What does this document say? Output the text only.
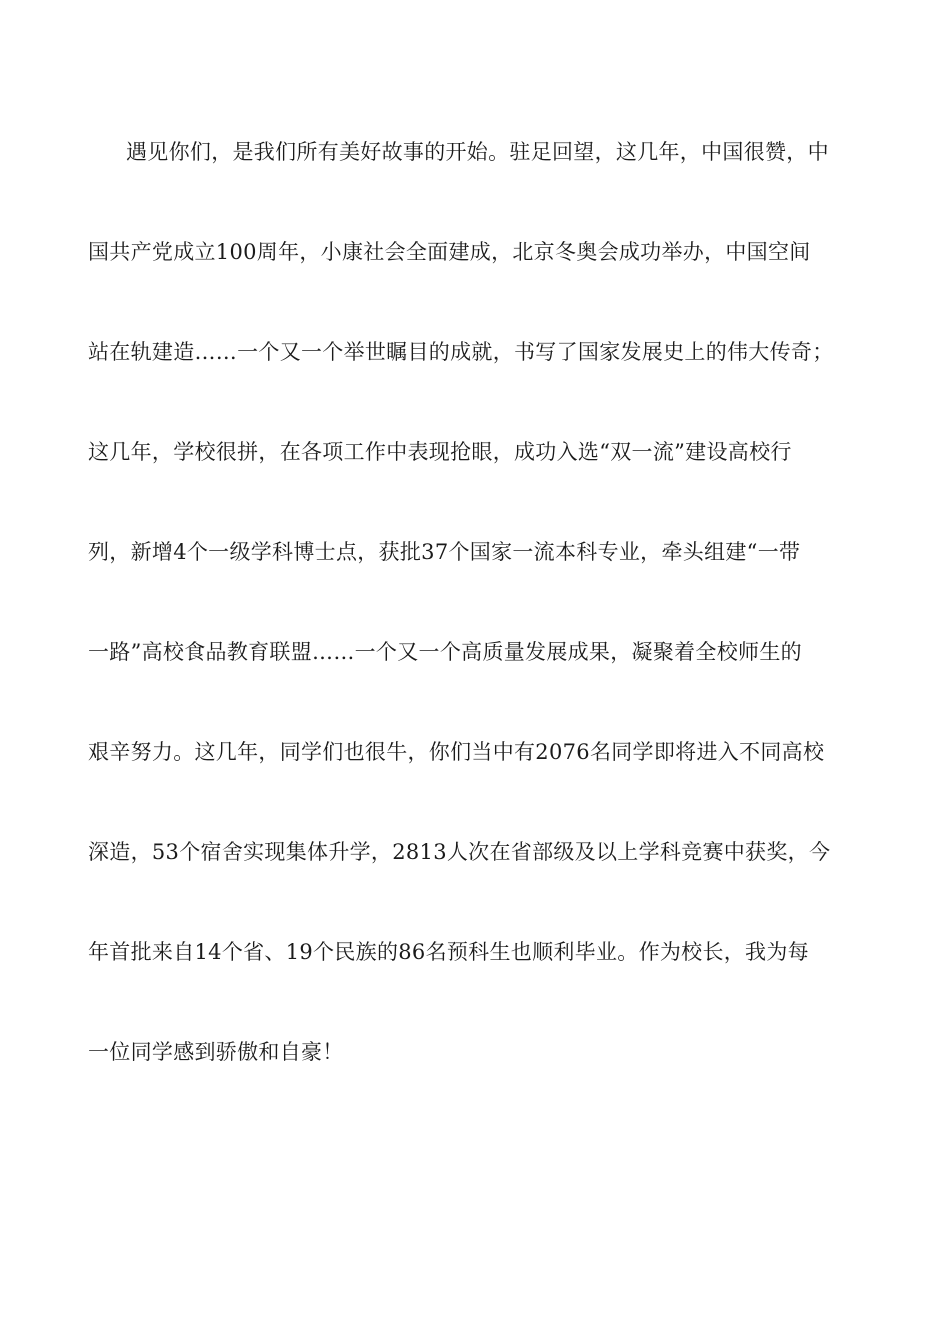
遇见你们，是我们所有美好故事的开始。驻足回望，这几年，中国很赞，中
国共产党成立100周年，小康社会全面建成，北京冬奥会成功举办，中国空间
站在轨建造……一个又一个举世瞩目的成就，书写了国家发展史上的伟大传奇；
这几年，学校很拼，在各项工作中表现抢眼，成功入选“双一流”建设高校行
列，新增4个一级学科博士点，获批37个国家一流本科专业，牵头组建“一带
一路”高校食品教育联盟……一个又一个高质量发展成果，凝聚着全校师生的
艰辛努力。这几年，同学们也很牛，你们当中有2076名同学即将进入不同高校
深造，53个宿舍实现集体升学，2813人次在省部级及以上学科竞赛中获奖，今
年首批来自14个省、19个民族的86名预科生也顺利毕业。作为校长，我为每
一位同学感到骄傲和自豪！
